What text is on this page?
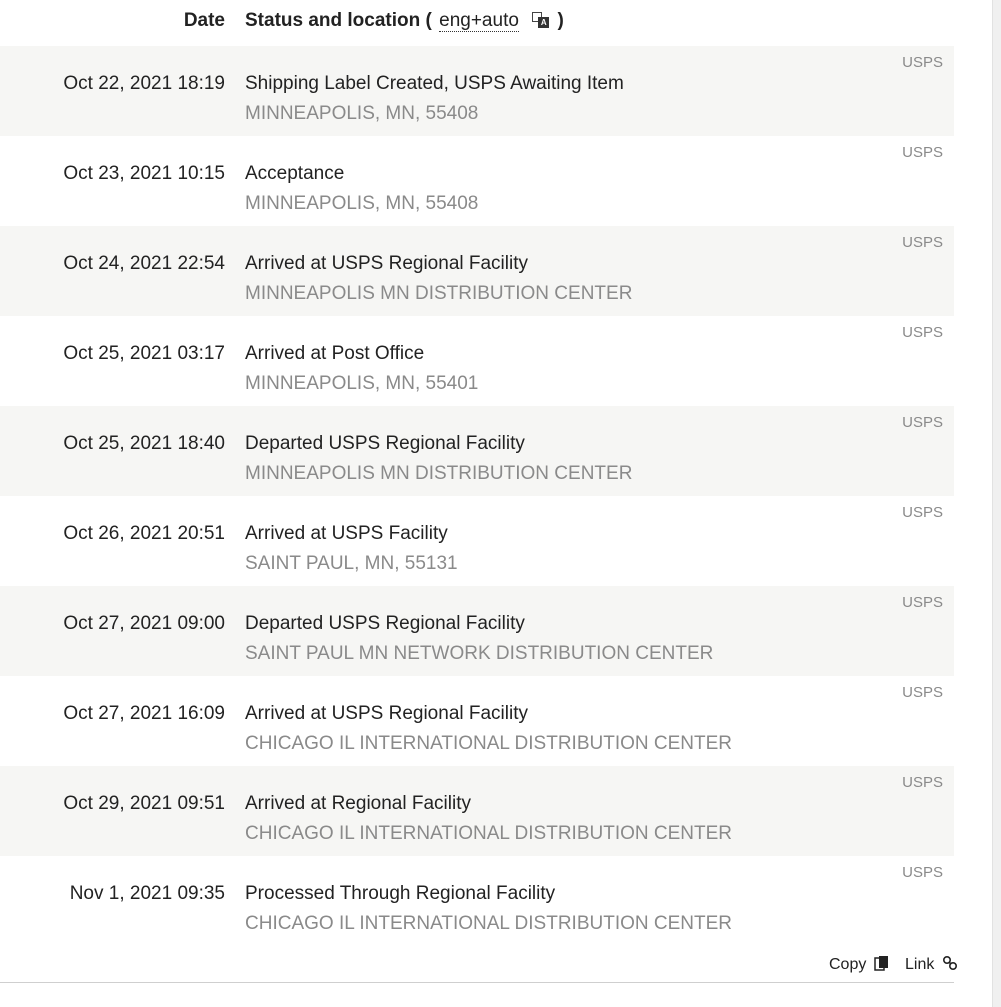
Date Status and location ( eng+auto	A )
Oct 22, 2021 18:19 Shipping Label Created, USPS Awaiting Item
MINNEAPOLIS, MN, 55408
USPS
Oct 23, 2021 10:15 Acceptance
MINNEAPOLIS, MN, 55408
USPS
Oct 24, 2021 22:54 Arrived at USPS Regional Facility
MINNEAPOLIS MN DISTRIBUTION CENTER
USPS
Oct 25, 2021 03:17 Arrived at Post Office
MINNEAPOLIS, MN, 55401
USPS
Oct 25, 2021 18:40 Departed USPS Regional Facility
MINNEAPOLIS MN DISTRIBUTION CENTER
USPS
Oct 26, 2021 20:51 Arrived at USPS Facility
SAINT PAUL, MN, 55131
USPS
Oct 27, 2021 09:00 Departed USPS Regional Facility
SAINT PAUL MN NETWORK DISTRIBUTION CENTER
USPS
Oct 27, 2021 16:09 Arrived at USPS Regional Facility
CHICAGO IL INTERNATIONAL DISTRIBUTION CENTER
USPS
Oct 29, 2021 09:51 Arrived at Regional Facility
CHICAGO IL INTERNATIONAL DISTRIBUTION CENTER
USPS
Nov 1, 2021 09:35 Processed Through Regional Facility
CHICAGO IL INTERNATIONAL DISTRIBUTION CENTER
USPS
Copy	Link
